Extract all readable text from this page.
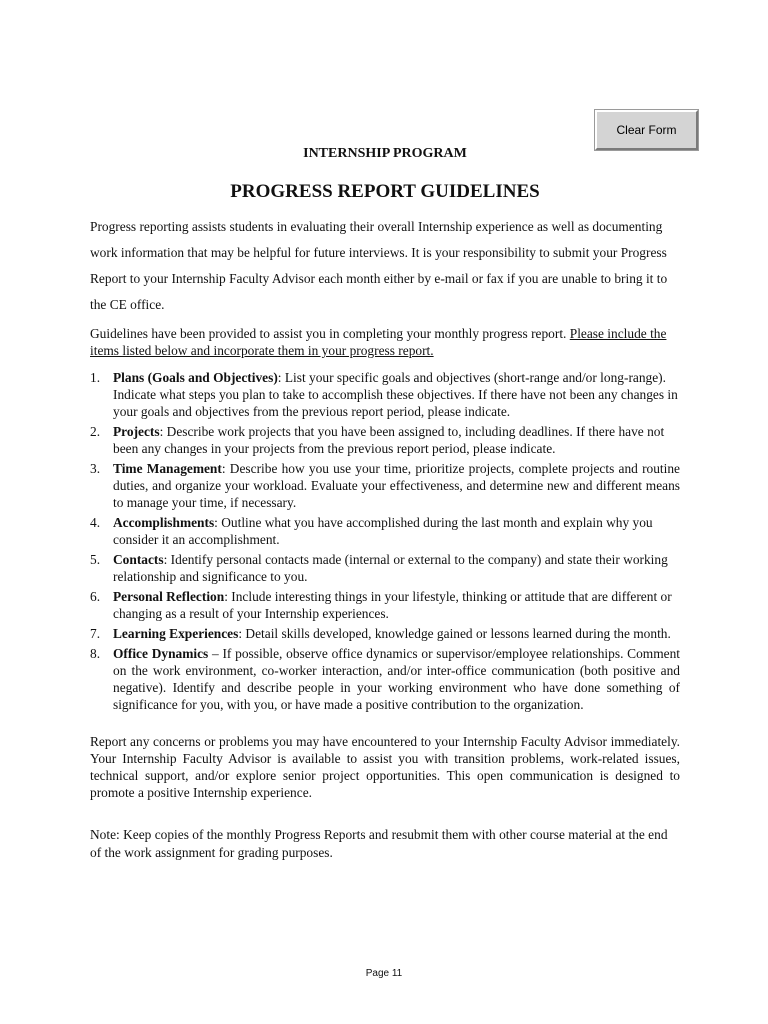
Clear Form
INTERNSHIP PROGRAM
PROGRESS REPORT GUIDELINES

Progress reporting assists students in evaluating their overall Internship experience as well as documenting work information that may be helpful for future interviews. It is your responsibility to submit your Progress Report to your Internship Faculty Advisor each month either by e-mail or fax if you are unable to bring it to the CE office.

Guidelines have been provided to assist you in completing your monthly progress report. Please include the items listed below and incorporate them in your progress report.

1. Plans (Goals and Objectives): List your specific goals and objectives (short-range and/or long-range). Indicate what steps you plan to take to accomplish these objectives. If there have not been any changes in your goals and objectives from the previous report period, please indicate.
2. Projects: Describe work projects that you have been assigned to, including deadlines. If there have not been any changes in your projects from the previous report period, please indicate.
3. Time Management: Describe how you use your time, prioritize projects, complete projects and routine duties, and organize your workload. Evaluate your effectiveness, and determine new and different means to manage your time, if necessary.
4. Accomplishments: Outline what you have accomplished during the last month and explain why you consider it an accomplishment.
5. Contacts: Identify personal contacts made (internal or external to the company) and state their working relationship and significance to you.
6. Personal Reflection: Include interesting things in your lifestyle, thinking or attitude that are different or changing as a result of your Internship experiences.
7. Learning Experiences: Detail skills developed, knowledge gained or lessons learned during the month.
8. Office Dynamics – If possible, observe office dynamics or supervisor/employee relationships. Comment on the work environment, co-worker interaction, and/or inter-office communication (both positive and negative). Identify and describe people in your working environment who have done something of significance for you, with you, or have made a positive contribution to the organization.

Report any concerns or problems you may have encountered to your Internship Faculty Advisor immediately. Your Internship Faculty Advisor is available to assist you with transition problems, work-related issues, technical support, and/or explore senior project opportunities. This open communication is designed to promote a positive Internship experience.

Note: Keep copies of the monthly Progress Reports and resubmit them with other course material at the end of the work assignment for grading purposes.

Page 11
